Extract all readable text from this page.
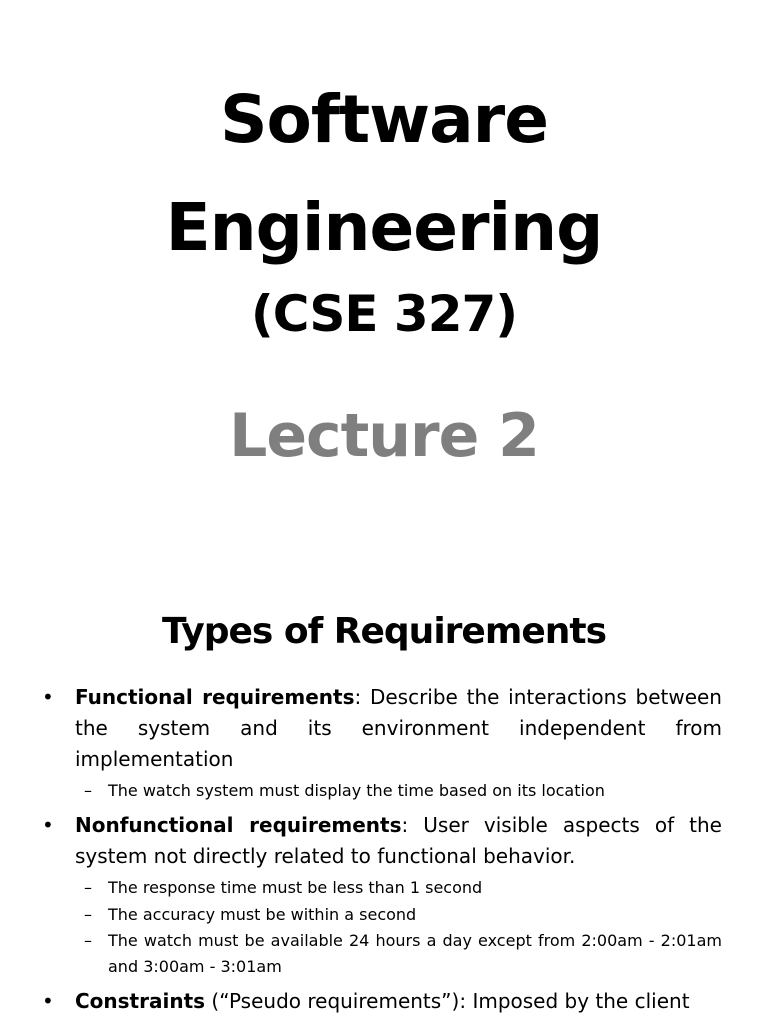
Software
Engineering
(CSE 327)
Lecture 2
Types of Requirements
• Functional requirements: Describe the interactions between the system and its environment independent from implementation
– The watch system must display the time based on its location
• Nonfunctional requirements: User visible aspects of the system not directly related to functional behavior.
– The response time must be less than 1 second
– The accuracy must be within a second
– The watch must be available 24 hours a day except from 2:00am - 2:01am and 3:00am - 3:01am
• Constraints (“Pseudo requirements”): Imposed by the client
